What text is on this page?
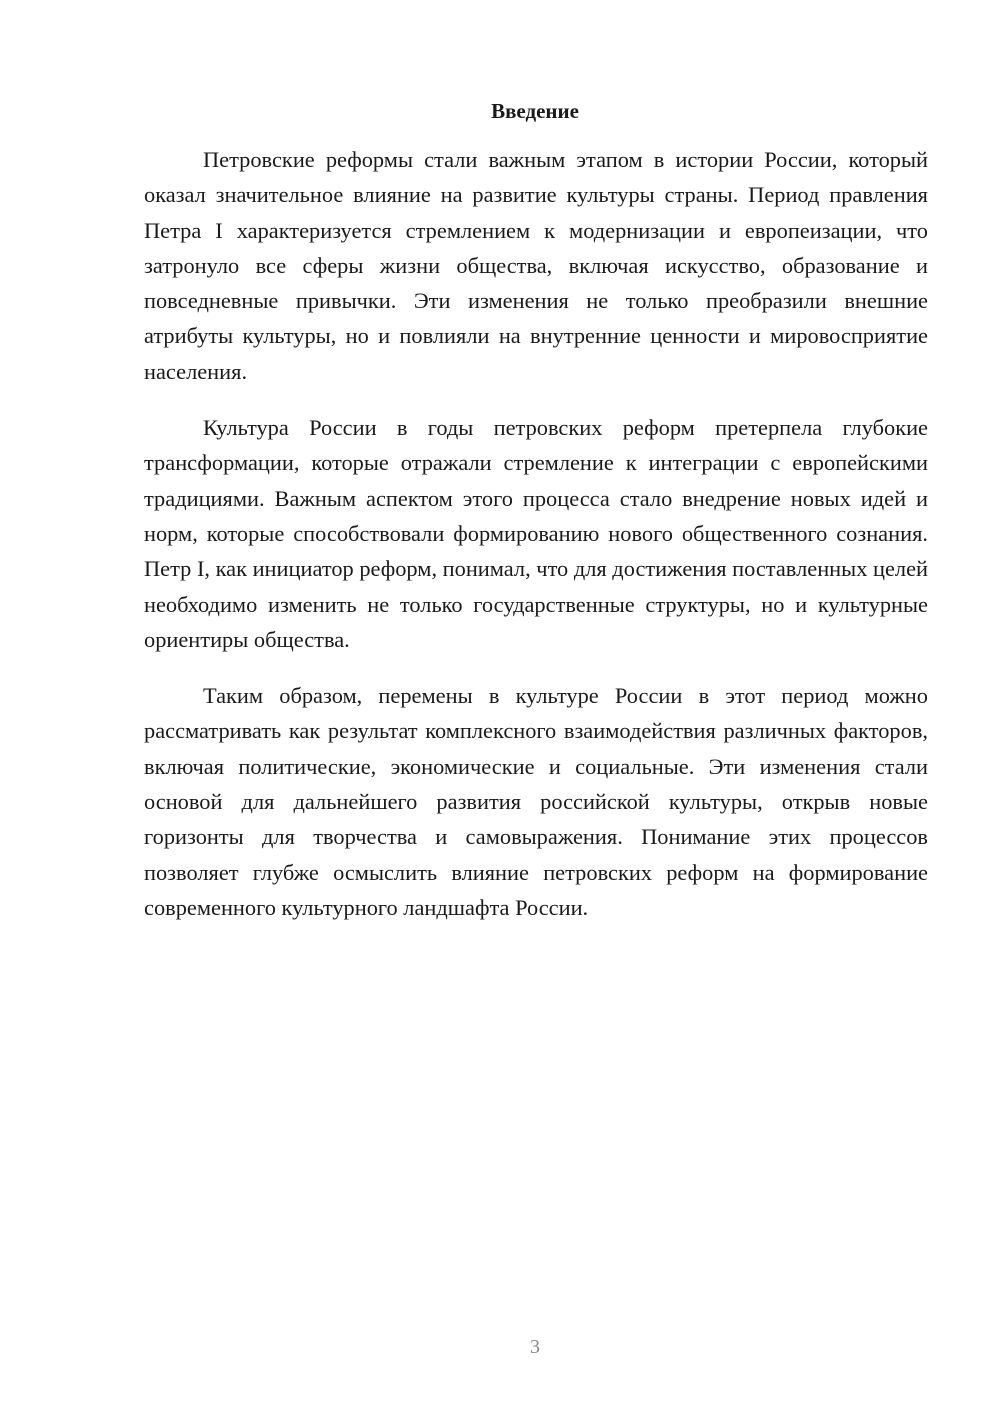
Введение

Петровские реформы стали важным этапом в истории России, который оказал значительное влияние на развитие культуры страны. Период правления Петра I характеризуется стремлением к модернизации и европеизации, что затронуло все сферы жизни общества, включая искусство, образование и повседневные привычки. Эти изменения не только преобразили внешние атрибуты культуры, но и повлияли на внутренние ценности и мировосприятие населения.

Культура России в годы петровских реформ претерпела глубокие трансформации, которые отражали стремление к интеграции с европейскими традициями. Важным аспектом этого процесса стало внедрение новых идей и норм, которые способствовали формированию нового общественного сознания. Петр I, как инициатор реформ, понимал, что для достижения поставленных целей необходимо изменить не только государственные структуры, но и культурные ориентиры общества.

Таким образом, перемены в культуре России в этот период можно рассматривать как результат комплексного взаимодействия различных факторов, включая политические, экономические и социальные. Эти изменения стали основой для дальнейшего развития российской культуры, открыв новые горизонты для творчества и самовыражения. Понимание этих процессов позволяет глубже осмыслить влияние петровских реформ на формирование современного культурного ландшафта России.

3
